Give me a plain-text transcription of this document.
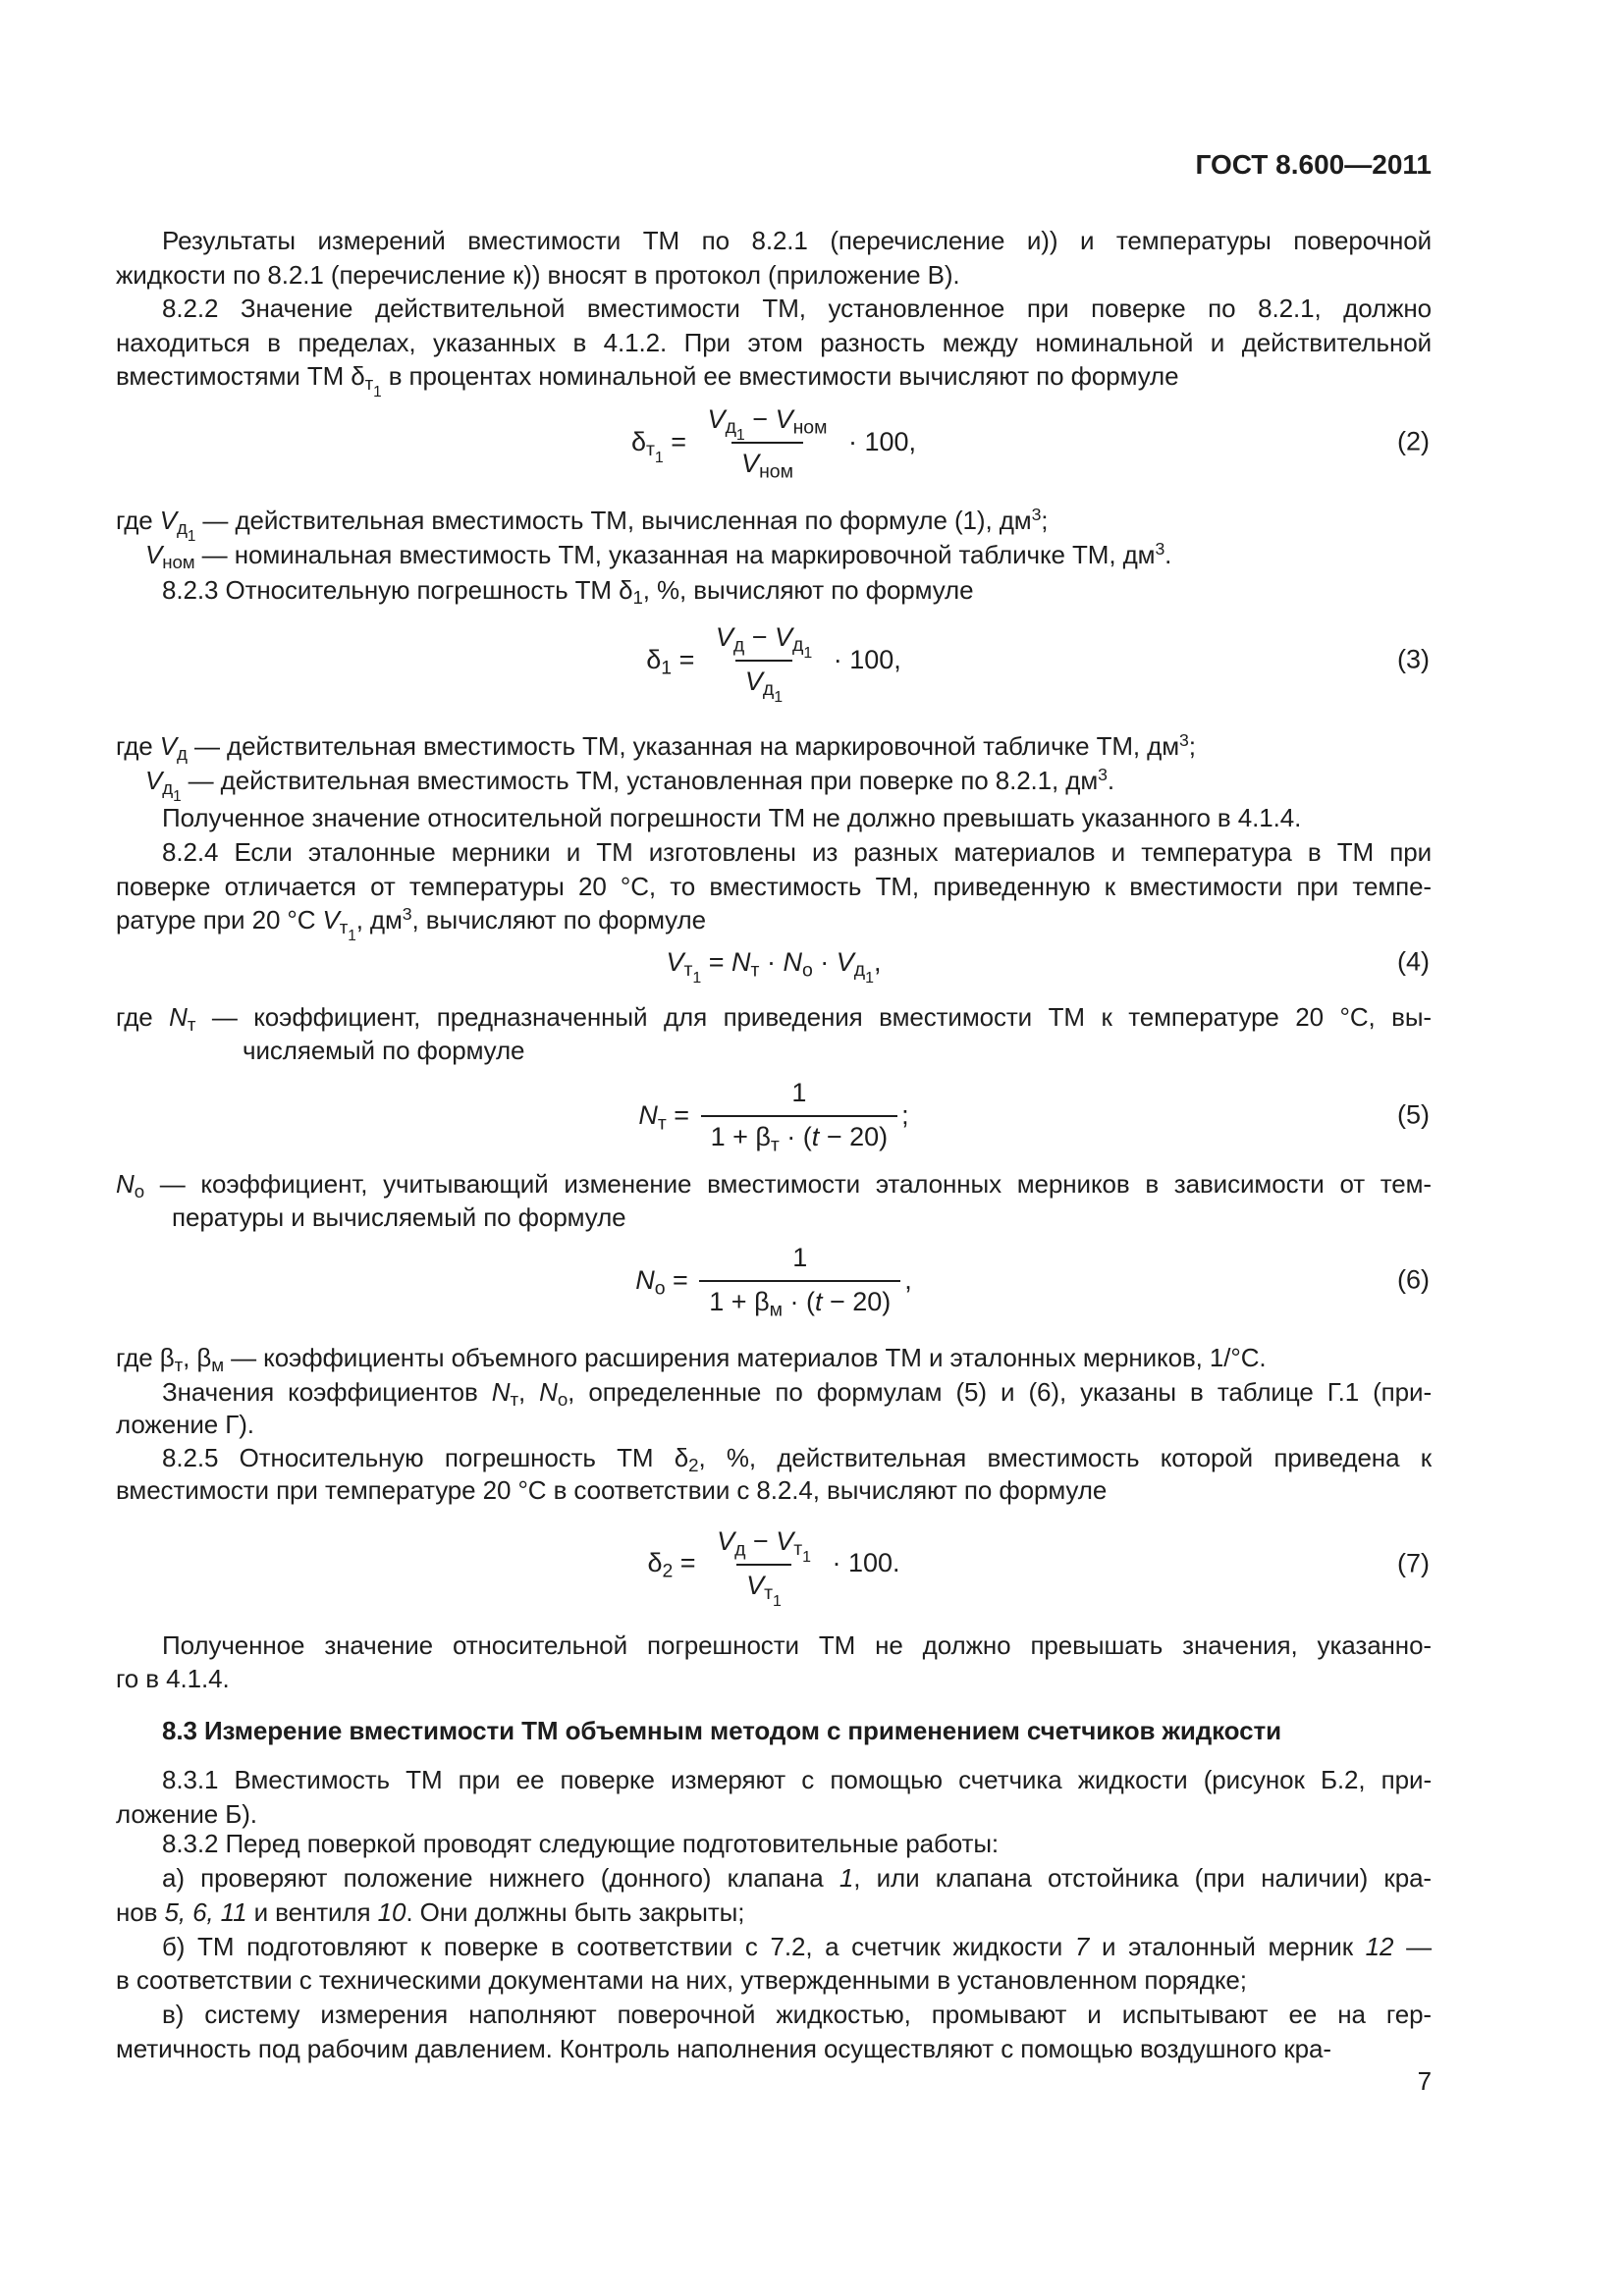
ГОСТ 8.600—2011
Результаты измерений вместимости ТМ по 8.2.1 (перечисление и)) и температуры поверочной
жидкости по 8.2.1 (перечисление к)) вносят в протокол (приложение В).
8.2.2 Значение действительной вместимости ТМ, установленное при поверке по 8.2.1, должно
находиться в пределах, указанных в 4.1.2. При этом разность между номинальной и действительной
вместимостями ТМ $\delta_{т_1}$ в процентах номинальной ее вместимости вычисляют по формуле
где $V_{д_1}$ — действительная вместимость ТМ, вычисленная по формуле (1), $дм^3$;
$V_{ном}$ — номинальная вместимость ТМ, указанная на маркировочной табличке ТМ, $дм^3$.
8.2.3 Относительную погрешность ТМ $\delta_1$, %, вычисляют по формуле
где $V_д$ — действительная вместимость ТМ, указанная на маркировочной табличке ТМ, $дм^3$;
$V_{д_1}$ — действительная вместимость ТМ, установленная при поверке по 8.2.1, $дм^3$.
Полученное значение относительной погрешности ТМ не должно превышать указанного в 4.1.4.
8.2.4 Если эталонные мерники и ТМ изготовлены из разных материалов и температура в ТМ при
поверке отличается от температуры 20 °С, то вместимость ТМ, приведенную к вместимости при темпе-
ратуре при 20 °С $V_{т_1}$, $дм^3$, вычисляют по формуле
где $N_т$ — коэффициент, предназначенный для приведения вместимости ТМ к температуре 20 °С, вы-
числяемый по формуле
$N_о$ — коэффициент, учитывающий изменение вместимости эталонных мерников в зависимости от тем-
пературы и вычисляемый по формуле
где $\beta_т$, $\beta_м$ — коэффициенты объемного расширения материалов ТМ и эталонных мерников, 1/°С.
Значения коэффициентов $N_т$, $N_о$, определенные по формулам (5) и (6), указаны в таблице Г.1 (при-
ложение Г).
8.2.5 Относительную погрешность ТМ $\delta_2$, %, действительная вместимость которой приведена к
вместимости при температуре 20 °С в соответствии с 8.2.4, вычисляют по формуле
Полученное значение относительной погрешности ТМ не должно превышать значения, указанно-
го в 4.1.4.
8.3 Измерение вместимости ТМ объемным методом с применением счетчиков жидкости
8.3.1 Вместимость ТМ при ее поверке измеряют с помощью счетчика жидкости (рисунок Б.2, при-
ложение Б).
8.3.2 Перед поверкой проводят следующие подготовительные работы:
а) проверяют положение нижнего (донного) клапана 1, или клапана отстойника (при наличии) кра-
нов 5, 6, 11 и вентиля 10. Они должны быть закрыты;
б) ТМ подготовляют к поверке в соответствии с 7.2, а счетчик жидкости 7 и эталонный мерник 12 —
в соответствии с техническими документами на них, утвержденными в установленном порядке;
в) систему измерения наполняют поверочной жидкостью, промывают и испытывают ее на гер-
метичность под рабочим давлением. Контроль наполнения осуществляют с помощью воздушного кра-
$\delta_{т_1} = \frac{V_{д_1} - V_{ном}}{V_{ном}} \cdot 100$,	(2)
$\delta_1 = \frac{V_д - V_{д_1}}{V_{д_1}} \cdot 100$,	(3)
$V_{т_1} = N_т \cdot N_о \cdot V_{д_1}$,	(4)
$N_т = \frac{1}{1 + \beta_т \cdot (t - 20)}$ ;	(5)
$N_о = \frac{1}{1 + \beta_м \cdot (t - 20)}$ ,	(6)
$\delta_2 = \frac{V_д - V_{т_1}}{V_{т_1}} \cdot 100$.	(7)
7
